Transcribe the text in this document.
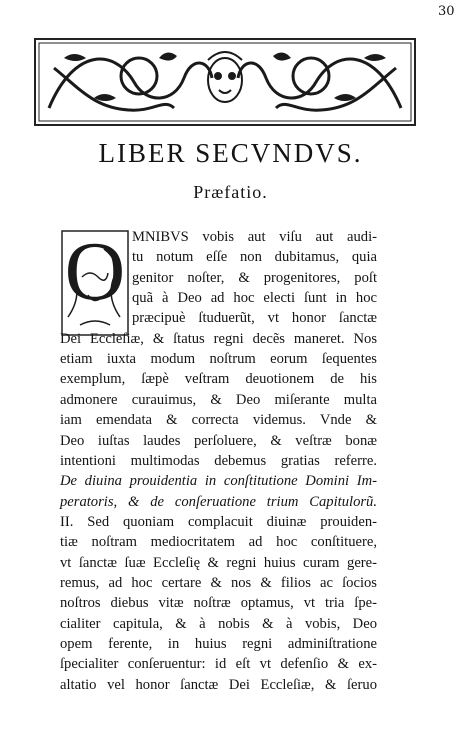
30
LIBER SECVNDVS.
Præfatio.
O MNIBVS vobis aut viſu aut audi-
tu notum eſſe non dubitamus, quia
genitor noſter, & progenitores, poſt
quã à Deo ad hoc electi ſunt in hoc
præcipuè ſtuduerũt, vt honor ſanctæ
Dei Eccleſiæ, & ſtatus regni decẽs maneret. Nos
etiam iuxta modum noſtrum eorum ſequentes
exemplum, ſæpè veſtram deuotionem de his
admonere curauimus, & Deo miſerante multa
iam emendata & correcta videmus. Vnde &
Deo iuſtas laudes perſoluere, & veſtræ bonæ
intentioni multimodas debemus gratias referre.
De diuina prouidentia in conſtitutione Domini Im-
peratoris, & de conſeruatione trium Capitulorũ.
II. Sed quoniam complacuit diuinæ prouiden-
tiæ noſtram mediocritatem ad hoc conſtituere,
vt ſanctæ ſuæ Eccleſię & regni huius curam gere-
remus, ad hoc certare & nos & filios ac ſocios
noſtros diebus vitæ noſtræ optamus, vt tria ſpe-
cialiter capitula, & à nobis & à vobis, Deo
opem ferente, in huius regni adminiſtratione
ſpecialiter conſeruentur: id eſt vt defenſio & ex-
altatio vel honor ſanctæ Dei Eccleſiæ, & ſeruo
